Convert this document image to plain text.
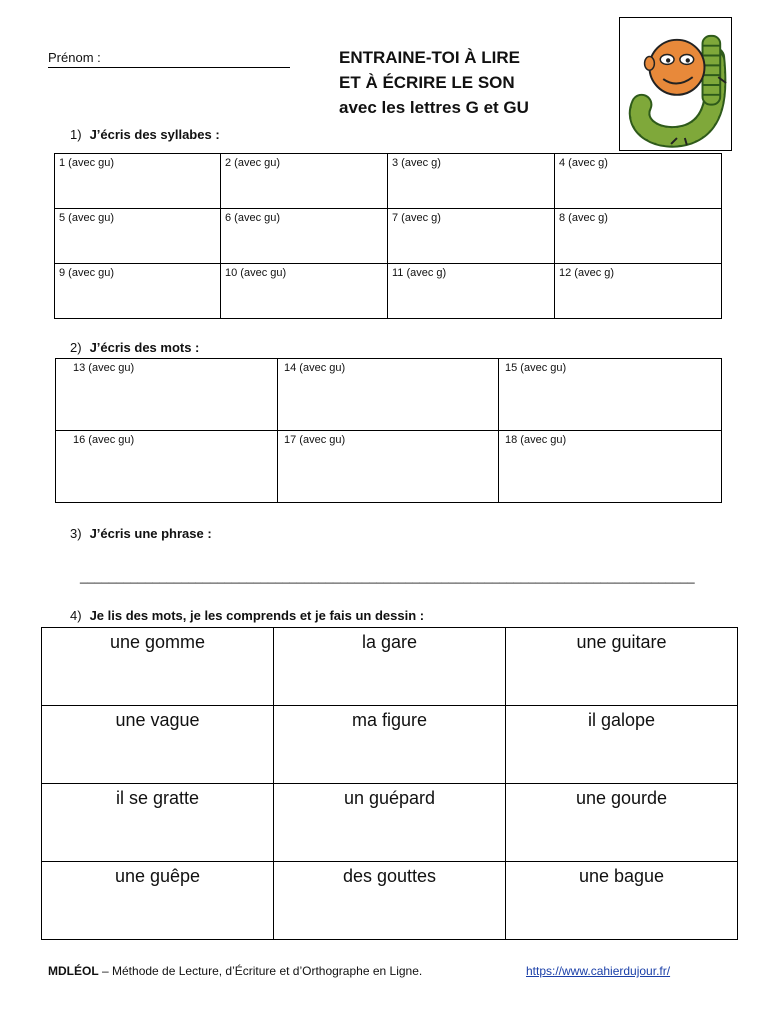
Prénom :	ENTRAINE-TOI À LIRE
ET À ÉCRIRE LE SON
avec les lettres G et GU
1) J’écris des syllabes :
1 (avec gu)	2 (avec gu)	3 (avec g)	4 (avec g)
5 (avec gu)	6 (avec gu)	7 (avec g)	8 (avec g)
9 (avec gu)	10 (avec gu)	11 (avec g)	12 (avec g)
2) J’écris des mots :
13 (avec gu)	14 (avec gu)	15 (avec gu)
16 (avec gu)	17 (avec gu)	18 (avec gu)
3) J’écris une phrase :
_____________________________________________________________________________________
4) Je lis des mots, je les comprends et je fais un dessin :
une gomme	la gare	une guitare
une vague	ma figure	il galope
il se gratte	un guépard	une gourde
une guêpe	des gouttes	une bague
MDLÉOL – Méthode de Lecture, d’Écriture et d’Orthographe en Ligne.	https://www.cahierdujour.fr/
